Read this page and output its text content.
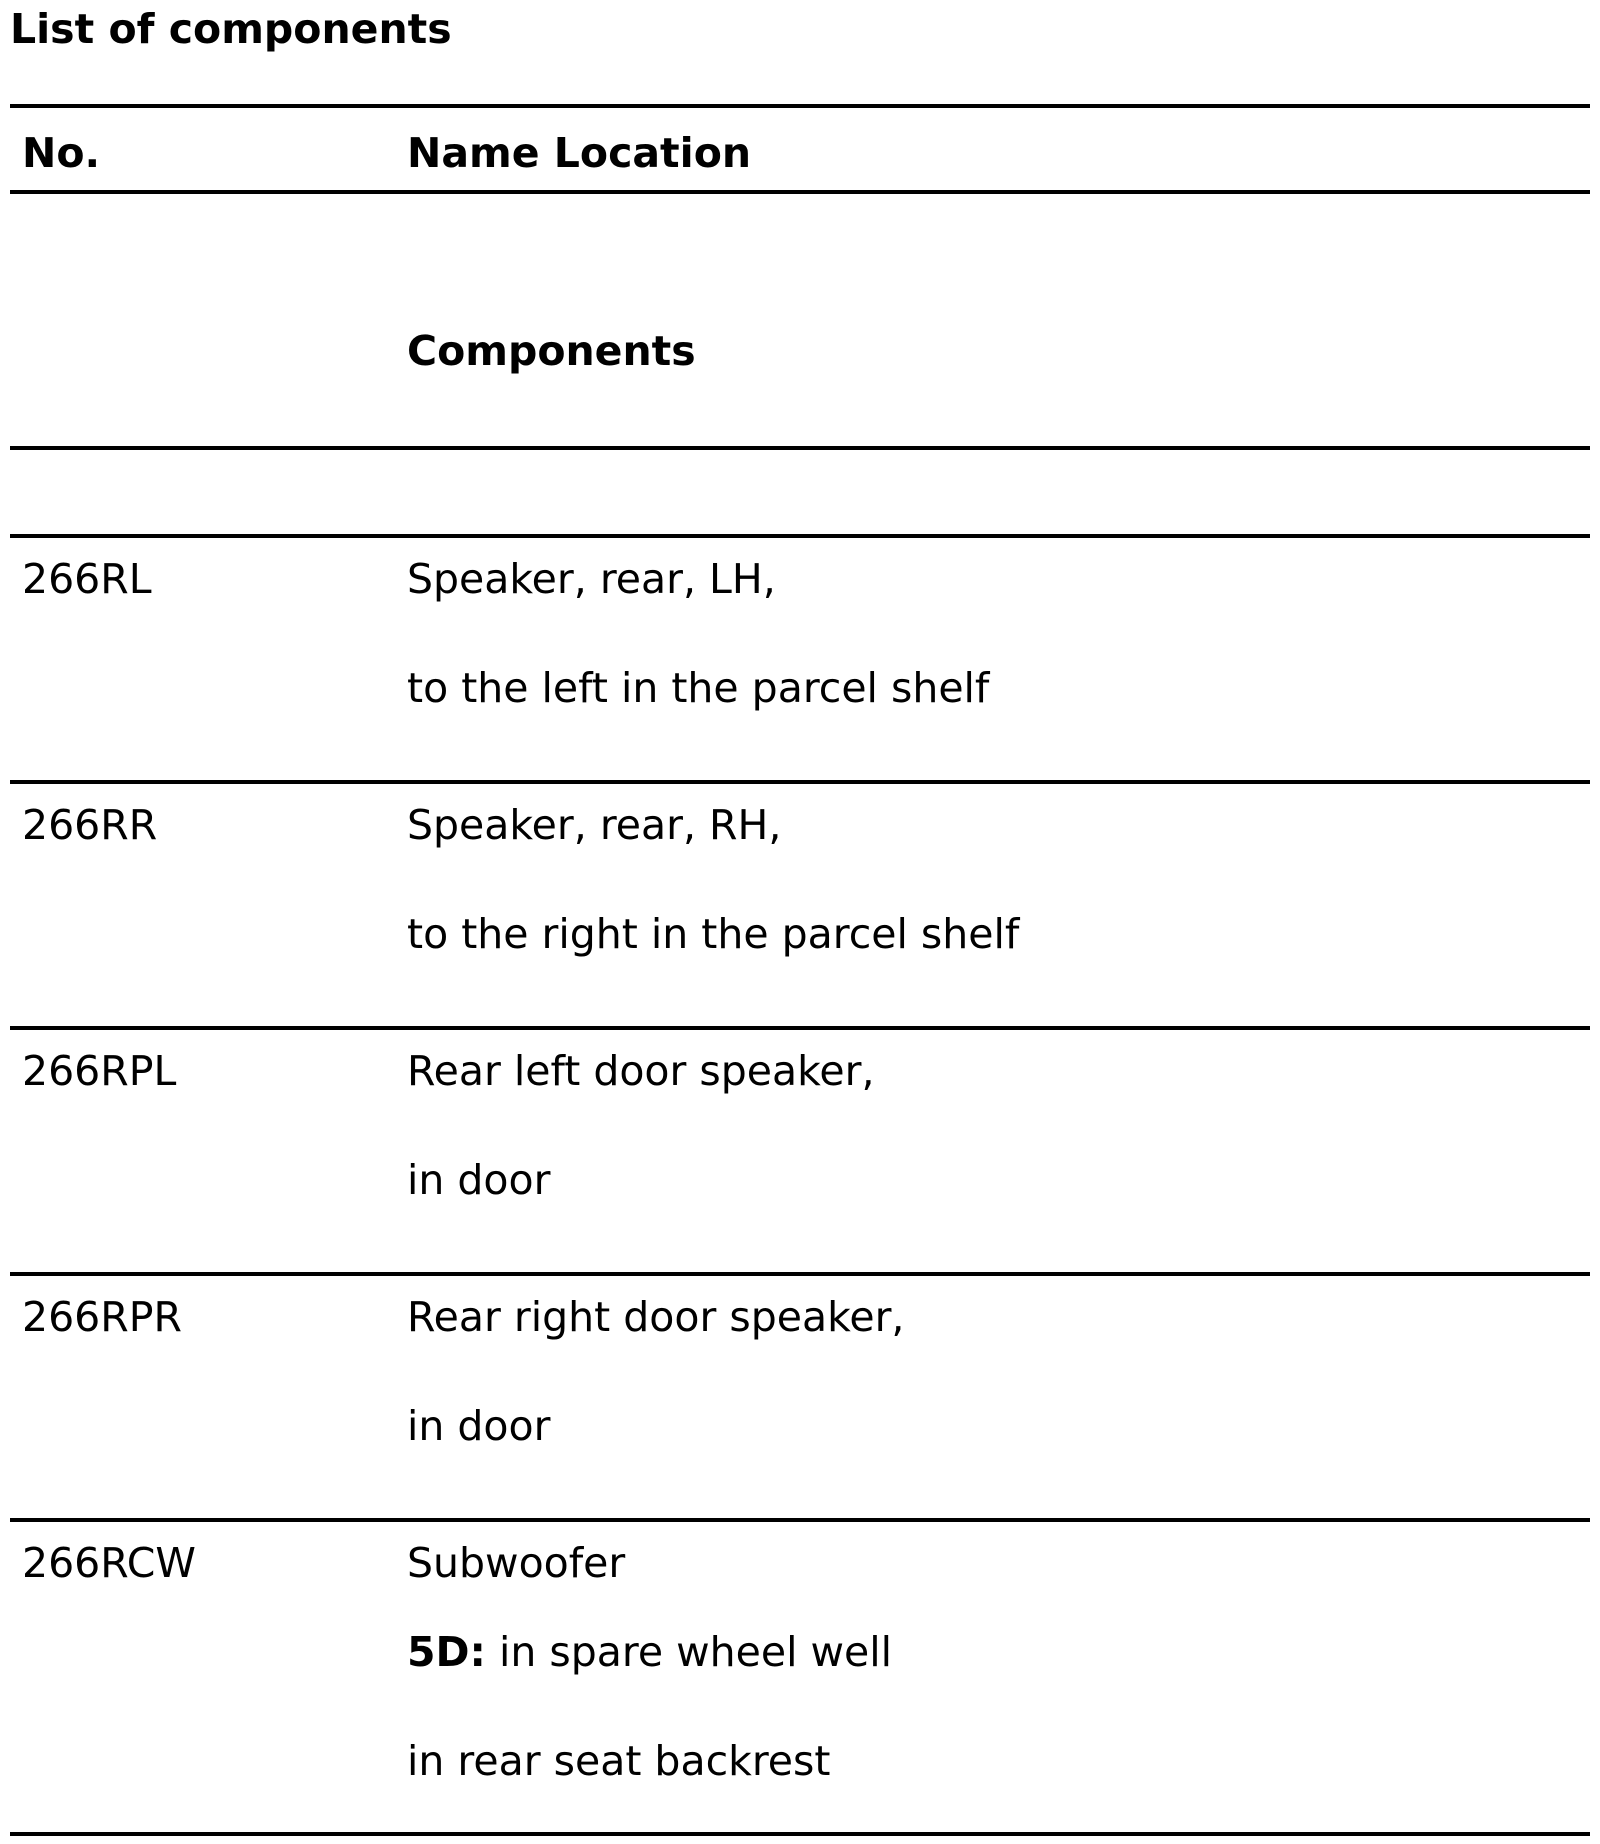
List of components
No.	Name Location
Components
266RL	Speaker, rear, LH,
to the left in the parcel shelf
266RR	Speaker, rear, RH,
to the right in the parcel shelf
266RPL	Rear left door speaker,
in door
266RPR	Rear right door speaker,
in door
266RCW	Subwoofer
5D: in spare wheel well
in rear seat backrest
